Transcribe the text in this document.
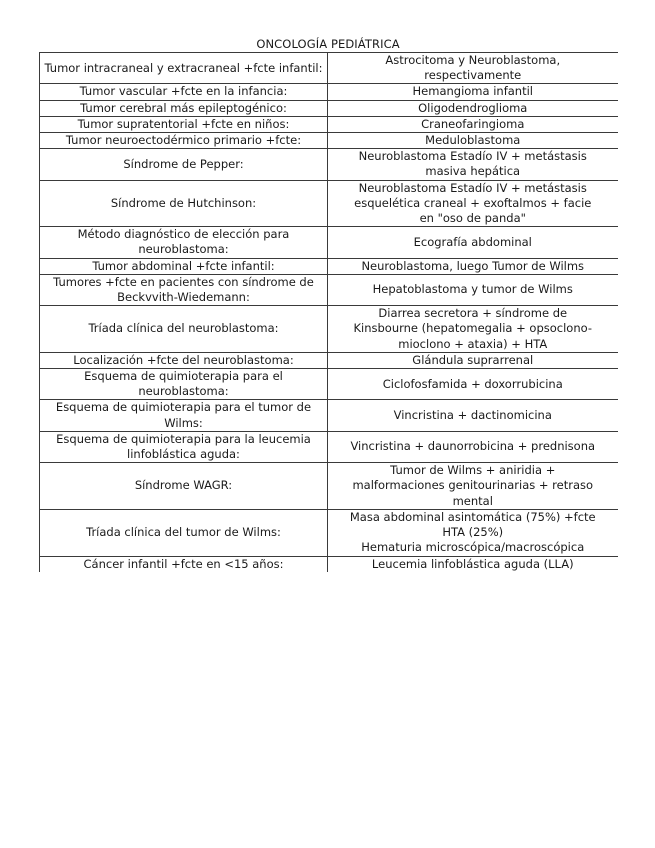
ONCOLOGÍA PEDIÁTRICA
Tumor intracraneal y extracraneal +fcte infantil:	Astrocitoma y Neuroblastoma,
respectivamente

Tumor vascular +fcte en la infancia:	Hemangioma infantil

Tumor cerebral más epileptogénico:	Oligodendroglioma

Tumor supratentorial +fcte en niños:	Craneofaringioma

Tumor neuroectodérmico primario +fcte:	Meduloblastoma

Síndrome de Pepper:	Neuroblastoma Estadío IV + metástasis
masiva hepática

Síndrome de Hutchinson:	Neuroblastoma Estadío IV + metástasis
esquelética craneal + exoftalmos + facie
en "oso de panda"

Método diagnóstico de elección para neuroblastoma:	Ecografía abdominal

Tumor abdominal +fcte infantil:	Neuroblastoma, luego Tumor de Wilms

Tumores +fcte en pacientes con síndrome de Beckvvith-Wiedemann:	Hepatoblastoma y tumor de Wilms

Tríada clínica del neuroblastoma:	Diarrea secretora + síndrome de
Kinsbourne (hepatomegalia + opsoclono-
mioclono + ataxia) + HTA

Localización +fcte del neuroblastoma:	Glándula suprarrenal

Esquema de quimioterapia para el neuroblastoma:	Ciclofosfamida + doxorrubicina

Esquema de quimioterapia para el tumor de Wilms:	Vincristina + dactinomicina

Esquema de quimioterapia para la leucemia linfoblástica aguda:	Vincristina + daunorrobicina + prednisona

Síndrome WAGR:	Tumor de Wilms + aniridia +
malformaciones genitourinarias + retraso
mental

Tríada clínica del tumor de Wilms:	Masa abdominal asintomática (75%) +fcte
HTA (25%)
Hematuria microscópica/macroscópica

Cáncer infantil +fcte en <15 años:	Leucemia linfoblástica aguda (LLA)
